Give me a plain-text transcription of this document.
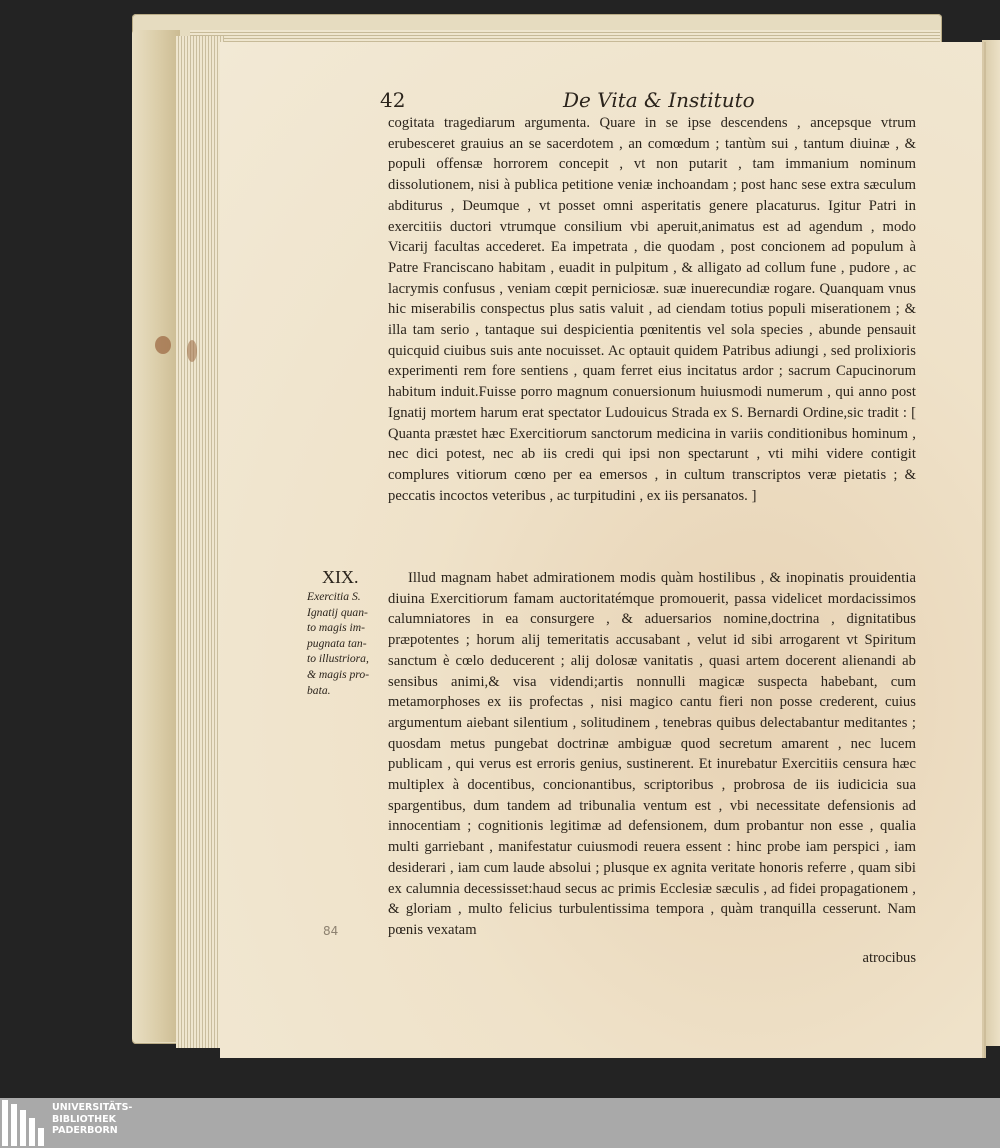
42	De Vita & Instituto
XIX.
Exercitia S.
Ignatij quan-
to magis im-
pugnata tan-
to illustriora,
& magis pro-
bata.

cogitata tragediarum argumenta. Quare in se ipse descendens , ancepsque vtrum erubesceret grauius an se sacerdotem , an comœdum ; tantùm sui , tantum diuinæ , & populi offensæ horrorem concepit , vt non putarit , tam immanium nominum dissolutionem, nisi à publica petitione veniæ inchoandam ; post hanc sese extra sæculum abditurus , Deumque , vt posset omni asperitatis genere placaturus. Igitur Patri in exercitiis ductori vtrumque consilium vbi aperuit,animatus est ad agendum , modo Vicarij facultas accederet. Ea impetrata , die quodam , post concionem ad populum à Patre Franciscano habitam , euadit in pulpitum , & alligato ad collum fune , pudore , ac lacrymis confusus , veniam cœpit perniciosæ. suæ inuerecundiæ rogare. Quanquam vnus hic miserabilis conspectus plus satis valuit , ad ciendam totius populi miserationem ; & illa tam serio , tantaque sui despicientia pœnitentis vel sola species , abunde pensauit quicquid ciuibus suis ante nocuisset. Ac optauit quidem Patribus adiungi , sed prolixioris experimenti rem fore sentiens , quam ferret eius incitatus ardor ; sacrum Capucinorum habitum induit.Fuisse porro magnum conuersionum huiusmodi numerum , qui anno post Ignatij mortem harum erat spectator Ludouicus Strada ex S. Bernardi Ordine,sic tradit : [ Quanta præstet hæc Exercitiorum sanctorum medicina in variis conditionibus hominum , nec dici potest, nec ab iis credi qui ipsi non spectarunt , vti mihi videre contigit complures vitiorum cœno per ea emersos , in cultum transcriptos veræ pietatis ; & peccatis incoctos veteribus , ac turpitudini , ex iis persanatos. ]

Illud magnam habet admirationem modis quàm hostilibus , & inopinatis prouidentia diuina Exercitiorum famam auctoritatémque promouerit, passa videlicet mordacissimos calumniatores in ea consurgere , & aduersarios nomine,doctrina , dignitatibus præpotentes ; horum alij temeritatis accusabant , velut id sibi arrogarent vt Spiritum sanctum è cœlo deducerent ; alij dolosæ vanitatis , quasi artem docerent alienandi ab sensibus animi,& visa videndi;artis nonnulli magicæ suspecta habebant, cum metamorphoses ex iis profectas , nisi magico cantu fieri non posse crederent, cuius argumentum aiebant silentium , solitudinem , tenebras quibus delectabantur meditantes ; quosdam metus pungebat doctrinæ ambiguæ quod secretum amarent , nec lucem publicam , qui verus est erroris genius, sustinerent. Et inurebatur Exercitiis censura hæc multiplex à docentibus, concionantibus, scriptoribus , probrosa de iis iudicicia sua spargentibus, dum tandem ad tribunalia ventum est , vbi necessitate defensionis ad innocentiam ; cognitionis legitimæ ad defensionem, dum probantur non esse , qualia multi garriebant , manifestatur cuiusmodi reuera essent : hinc probe iam perspici , iam desiderari , iam cum laude absolui ; plusque ex agnita veritate honoris referre , quam sibi ex calumnia decessisset:haud secus ac primis Ecclesiæ sæculis , ad fidei propagationem , & gloriam , multo felicius turbulentissima tempora , quàm tranquilla cesserunt. Nam pœnis vexatam

atrocibus
84
UNIVERSITÄTS-
BIBLIOTHEK
PADERBORN
